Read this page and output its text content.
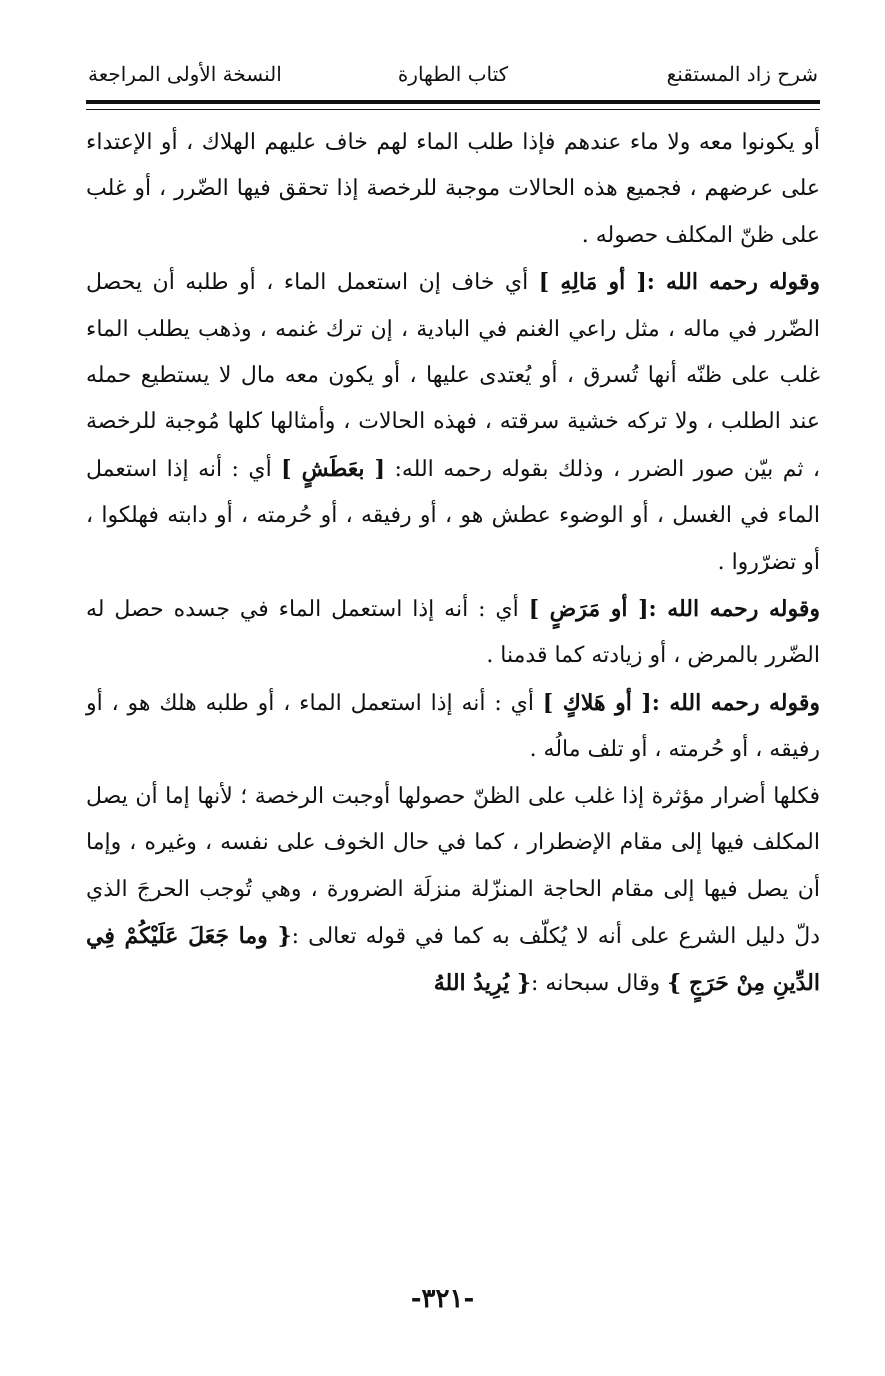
شرح زاد المستقنع
كتاب الطهارة
النسخة الأولى المراجعة

أو يكونوا معه ولا ماء عندهم فإذا طلب الماء لهم خاف عليهم الهلاك ، أو الإعتداء على عرضهم ، فجميع هذه الحالات موجبة للرخصة إذا تحقق فيها الضّرر ، أو غلب على ظنّ المكلف حصوله .

وقوله رحمه الله :[ أو مَالِهِ ] أي خاف إن استعمل الماء ، أو طلبه أن يحصل الضّرر في ماله ، مثل راعي الغنم في البادية ، إن ترك غنمه ، وذهب يطلب الماء غلب على ظنّه أنها تُسرق ، أو يُعتدى عليها ، أو يكون معه مال لا يستطيع حمله عند الطلب ، ولا تركه خشية سرقته ، فهذه الحالات ، وأمثالها كلها مُوجبة للرخصة ، ثم بيّن صور الضرر ، وذلك بقوله رحمه الله: [ بعَطَشٍ ] أي : أنه إذا استعمل الماء في الغسل ، أو الوضوء عطش هو ، أو رفيقه ، أو حُرمته ، أو دابته فهلكوا ، أو تضرّروا .

وقوله رحمه الله :[ أو مَرَضٍ ] أي : أنه إذا استعمل الماء في جسده حصل له الضّرر بالمرض ، أو زيادته كما قدمنا .

وقوله رحمه الله :[ أو هَلاكٍ ] أي : أنه إذا استعمل الماء ، أو طلبه هلك هو ، أو رفيقه ، أو حُرمته ، أو تلف مالُه .

فكلها أضرار مؤثرة إذا غلب على الظنّ حصولها أوجبت الرخصة ؛ لأنها إما أن يصل المكلف فيها إلى مقام الإضطرار ، كما في حال الخوف على نفسه ، وغيره ، وإما أن يصل فيها إلى مقام الحاجة المنزّلة منزلَة الضرورة ، وهي تُوجب الحرجَ الذي دلّ دليل الشرع على أنه لا يُكلّف به كما في قوله تعالى :{ وما جَعَلَ عَلَيْكُمْ فِي الدِّينِ مِنْ حَرَجٍ } وقال سبحانه :{ يُرِيدُ اللهُ

-٣٢١-
